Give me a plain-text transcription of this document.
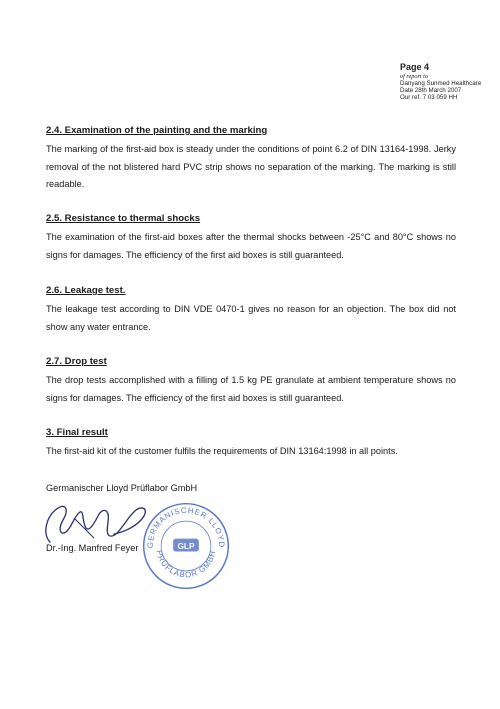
Page 4
of report to
Danyang Sunmed Healthcare
Date 28th March 2007
Our ref. 7 03 059 HH

2.4. Examination of the painting and the marking

The marking of the first-aid box is steady under the conditions of point 6.2 of DIN 13164-1998. Jerky removal of the not blistered hard PVC strip shows no separation of the marking. The marking is still readable.

2.5. Resistance to thermal shocks

The examination of the first-aid boxes after the thermal shocks between -25°C and 80°C shows no signs for damages. The efficiency of the first aid boxes is still guaranteed.

2.6. Leakage test.

The leakage test according to DIN VDE 0470-1 gives no reason for an objection. The box did not show any water entrance.

2.7. Drop test

The drop tests accomplished with a filling of 1.5 kg PE granulate at ambient temperature shows no signs for damages. The efficiency of the first aid boxes is still guaranteed.

3. Final result

The first-aid kit of the customer fulfils the requirements of DIN 13164:1998 in all points.

Germanischer Lloyd Prüflabor GmbH
Dr.-Ing. Manfred Feyer GERMANISCHER LLOYD
PRÜFLABOR GMBH
GLP
